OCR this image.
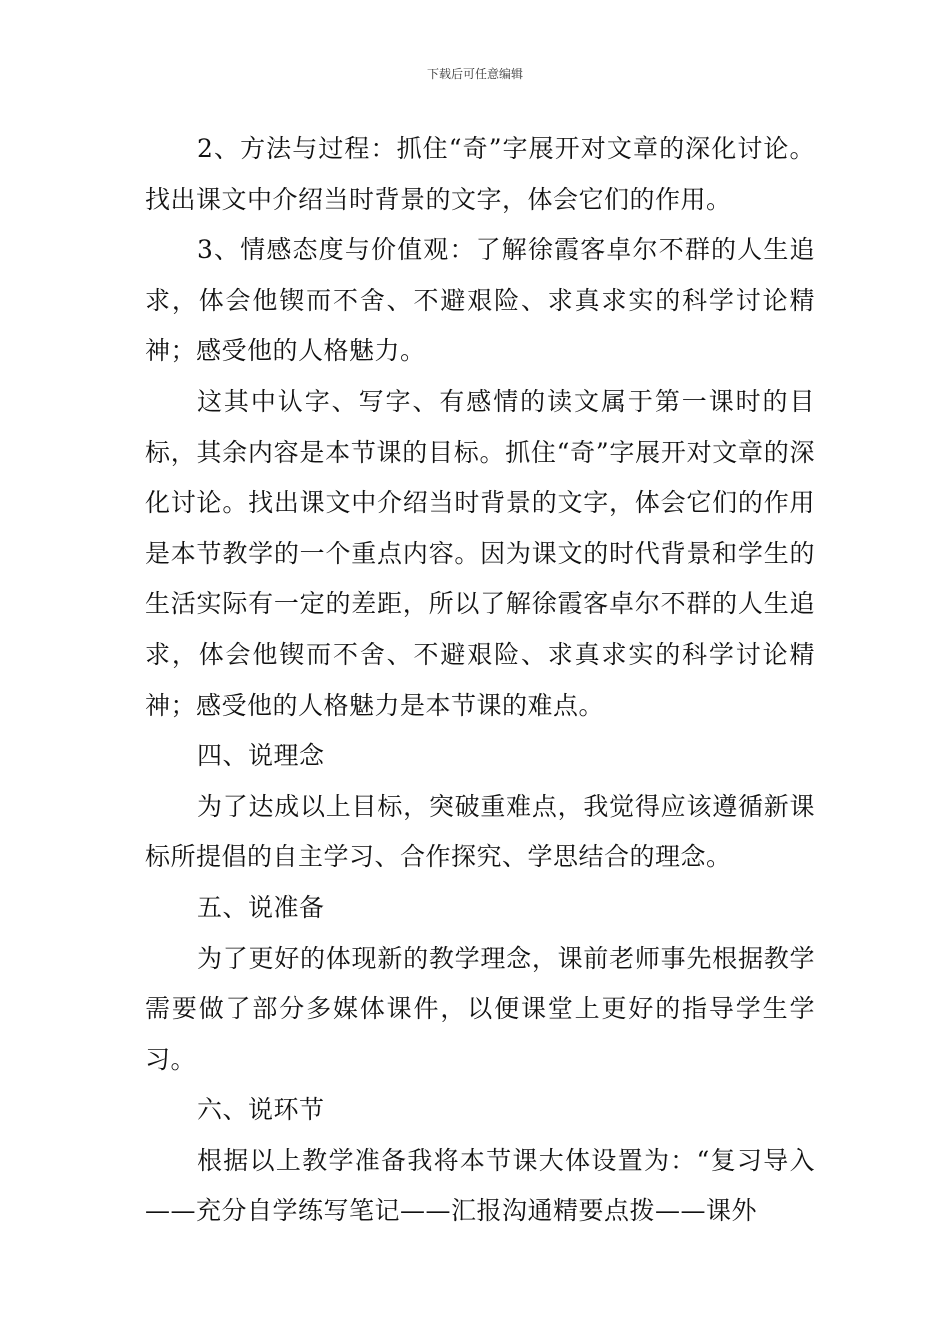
下载后可任意编辑

2、方法与过程：抓住“奇”字展开对文章的深化讨论。找出课文中介绍当时背景的文字，体会它们的作用。

3、情感态度与价值观：了解徐霞客卓尔不群的人生追求，体会他锲而不舍、不避艰险、求真求实的科学讨论精神；感受他的人格魅力。

这其中认字、写字、有感情的读文属于第一课时的目标，其余内容是本节课的目标。抓住“奇”字展开对文章的深化讨论。找出课文中介绍当时背景的文字，体会它们的作用是本节教学的一个重点内容。因为课文的时代背景和学生的生活实际有一定的差距，所以了解徐霞客卓尔不群的人生追求，体会他锲而不舍、不避艰险、求真求实的科学讨论精神；感受他的人格魅力是本节课的难点。

四、说理念

为了达成以上目标，突破重难点，我觉得应该遵循新课标所提倡的自主学习、合作探究、学思结合的理念。

五、说准备

为了更好的体现新的教学理念，课前老师事先根据教学需要做了部分多媒体课件，以便课堂上更好的指导学生学习。

六、说环节

根据以上教学准备我将本节课大体设置为：“复习导入——充分自学练写笔记——汇报沟通精要点拨——课外
